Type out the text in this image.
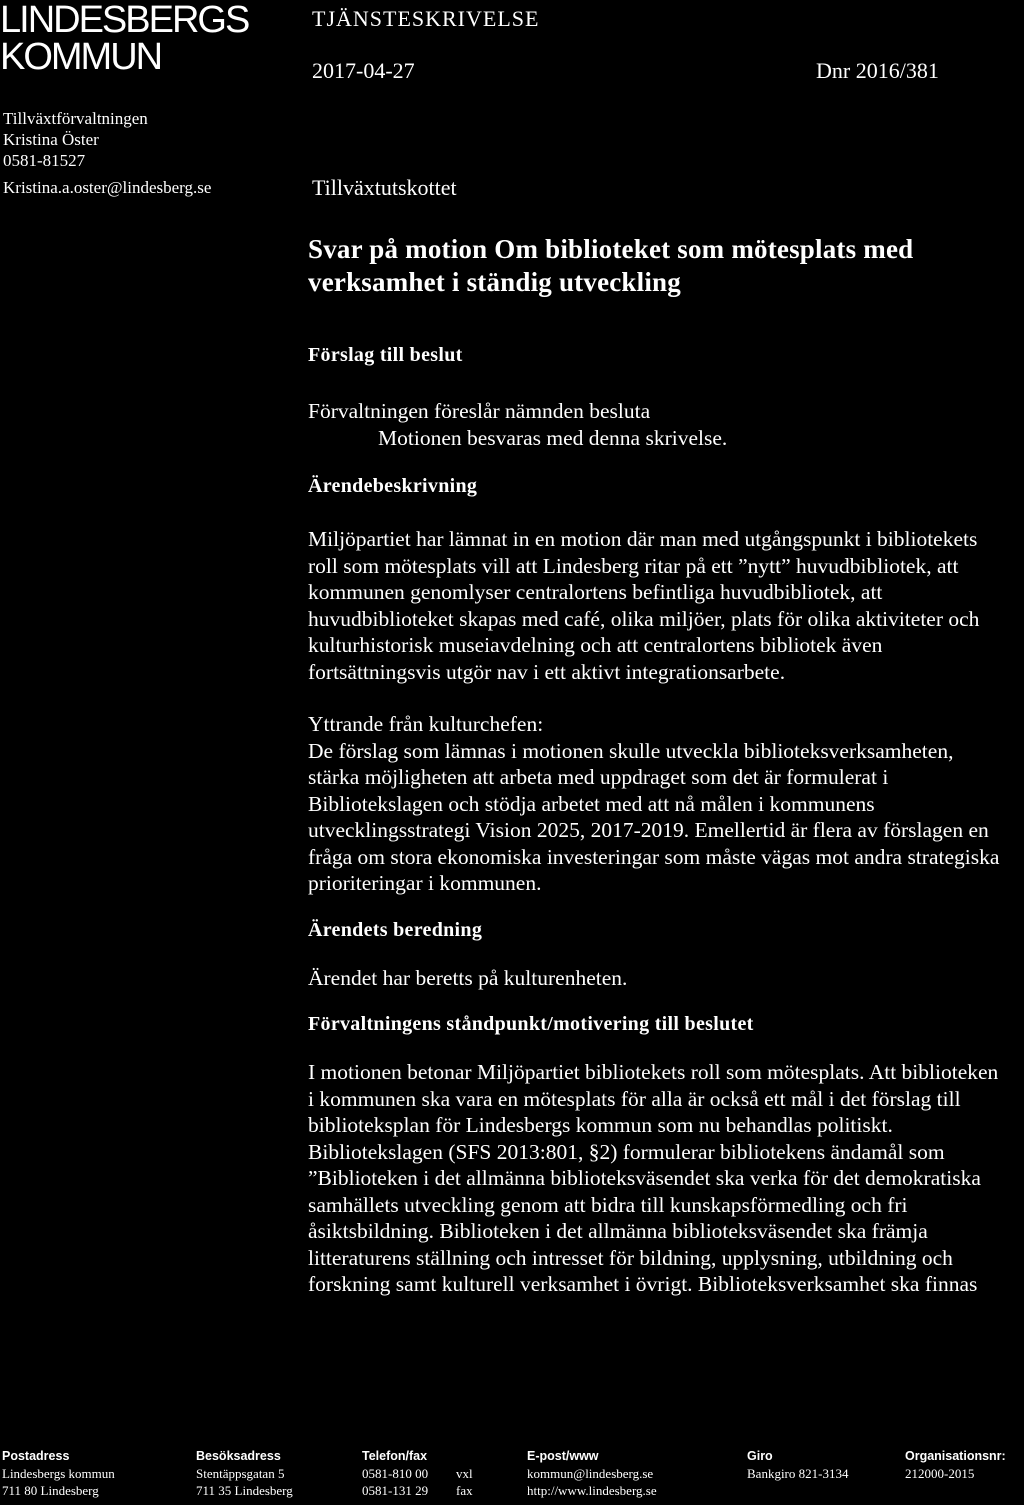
LINDESBERGS
KOMMUN
TJÄNSTESKRIVELSE
2017-04-27	Dnr 2016/381
Tillväxtförvaltningen
Kristina Öster
0581-81527
Kristina.a.oster@lindesberg.se	Tillväxtutskottet
Svar på motion Om biblioteket som mötesplats med verksamhet i ständig utveckling
Förslag till beslut

Förvaltningen föreslår nämnden besluta

Motionen besvaras med denna skrivelse.

Ärendebeskrivning

Miljöpartiet har lämnat in en motion där man med utgångspunkt i bibliotekets roll som mötesplats vill att Lindesberg ritar på ett ”nytt” huvudbibliotek, att kommunen genomlyser centralortens befintliga huvudbibliotek, att huvudbiblioteket skapas med café, olika miljöer, plats för olika aktiviteter och kulturhistorisk museiavdelning och att centralortens bibliotek även fortsättningsvis utgör nav i ett aktivt integrationsarbete.

Yttrande från kulturchefen:

De förslag som lämnas i motionen skulle utveckla biblioteksverksamheten, stärka möjligheten att arbeta med uppdraget som det är formulerat i Bibliotekslagen och stödja arbetet med att nå målen i kommunens utvecklingsstrategi Vision 2025, 2017-2019. Emellertid är flera av förslagen en fråga om stora ekonomiska investeringar som måste vägas mot andra strategiska prioriteringar i kommunen.

Ärendets beredning

Ärendet har beretts på kulturenheten.

Förvaltningens ståndpunkt/motivering till beslutet

I motionen betonar Miljöpartiet bibliotekets roll som mötesplats. Att biblioteken i kommunen ska vara en mötesplats för alla är också ett mål i det förslag till biblioteksplan för Lindesbergs kommun som nu behandlas politiskt. Bibliotekslagen (SFS 2013:801, §2) formulerar bibliotekens ändamål som ”Biblioteken i det allmänna biblioteksväsendet ska verka för det demokratiska samhällets utveckling genom att bidra till kunskapsförmedling och fri åsiktsbildning. Biblioteken i det allmänna biblioteksväsendet ska främja litteraturens ställning och intresset för bildning, upplysning, utbildning och forskning samt kulturell verksamhet i övrigt. Biblioteksverksamhet ska finnas

Postadress
Lindesbergs kommun
711 80 Lindesberg
Besöksadress
Stentäppsgatan 5
711 35 Lindesberg
Telefon/fax
0581-810 00 vxl
0581-131 29 fax
E-post/www
kommun@lindesberg.se
http://www.lindesberg.se
Giro
Bankgiro 821-3134
Organisationsnr:
212000-2015
